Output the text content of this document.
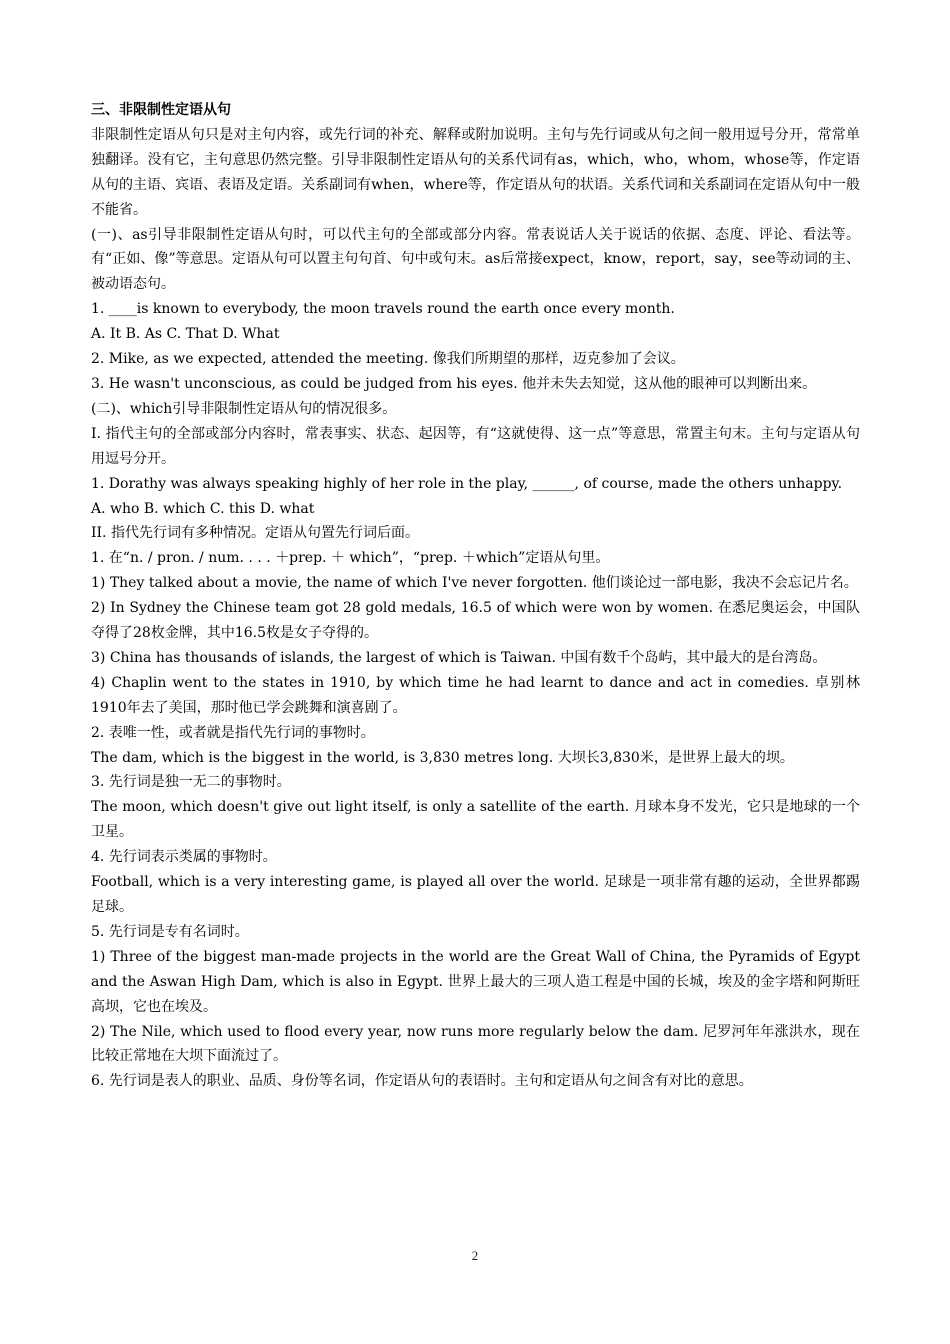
三、非限制性定语从句

非限制性定语从句只是对主句内容，或先行词的补充、解释或附加说明。主句与先行词或从句之间一般用逗号分开，常常单独翻译。没有它，主句意思仍然完整。引导非限制性定语从句的关系代词有as，which，who，whom，whose等，作定语从句的主语、宾语、表语及定语。关系副词有when，where等，作定语从句的状语。关系代词和关系副词在定语从句中一般不能省。

(一)、as引导非限制性定语从句时，可以代主句的全部或部分内容。常表说话人关于说话的依据、态度、评论、看法等。有“正如、像”等意思。定语从句可以置主句句首、句中或句末。as后常接expect，know，report，say，see等动词的主、被动语态句。

1. ____is known to everybody, the moon travels round the earth once every month.

A. It B. As C. That D. What

2. Mike, as we expected, attended the meeting. 像我们所期望的那样，迈克参加了会议。

3. He wasn't unconscious, as could be judged from his eyes. 他并未失去知觉，这从他的眼神可以判断出来。

(二)、which引导非限制性定语从句的情况很多。

I. 指代主句的全部或部分内容时，常表事实、状态、起因等，有“这就使得、这一点”等意思，常置主句末。主句与定语从句用逗号分开。

1. Dorathy was always speaking highly of her role in the play, ______, of course, made the others unhappy.

A. who B. which C. this D. what

II. 指代先行词有多种情况。定语从句置先行词后面。

1. 在“n. / pron. / num. . . . ＋prep. ＋ which”，“prep. ＋which”定语从句里。

1) They talked about a movie, the name of which I've never forgotten. 他们谈论过一部电影，我决不会忘记片名。

2) In Sydney the Chinese team got 28 gold medals, 16.5 of which were won by women. 在悉尼奥运会，中国队夺得了28枚金牌，其中16.5枚是女子夺得的。

3) China has thousands of islands, the largest of which is Taiwan. 中国有数千个岛屿，其中最大的是台湾岛。

4) Chaplin went to the states in 1910, by which time he had learnt to dance and act in comedies. 卓别林1910年去了美国，那时他已学会跳舞和演喜剧了。

2. 表唯一性，或者就是指代先行词的事物时。

The dam, which is the biggest in the world, is 3,830 metres long. 大坝长3,830米，是世界上最大的坝。

3. 先行词是独一无二的事物时。

The moon, which doesn't give out light itself, is only a satellite of the earth. 月球本身不发光，它只是地球的一个卫星。

4. 先行词表示类属的事物时。

Football, which is a very interesting game, is played all over the world. 足球是一项非常有趣的运动，全世界都踢足球。

5. 先行词是专有名词时。

1) Three of the biggest man-made projects in the world are the Great Wall of China, the Pyramids of Egypt and the Aswan High Dam, which is also in Egypt. 世界上最大的三项人造工程是中国的长城，埃及的金字塔和阿斯旺高坝，它也在埃及。

2) The Nile, which used to flood every year, now runs more regularly below the dam. 尼罗河年年涨洪水，现在比较正常地在大坝下面流过了。

6. 先行词是表人的职业、品质、身份等名词，作定语从句的表语时。主句和定语从句之间含有对比的意思。

2
